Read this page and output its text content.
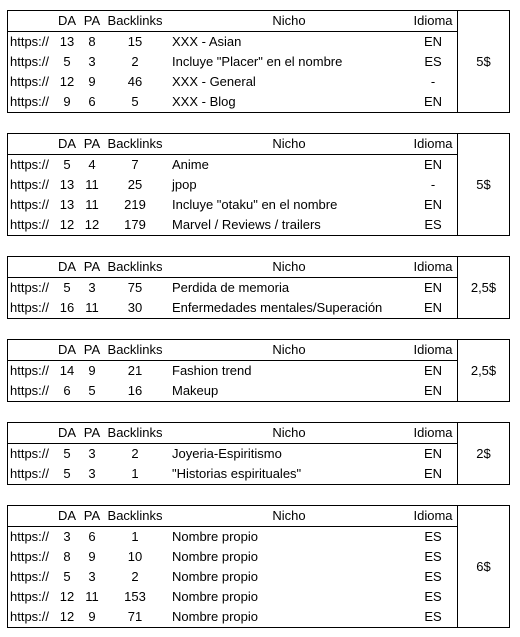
DA PA Backlinks	Nicho	Idioma
https:// 13	8	15	XXX - Asian	EN
https://	5	3	2	Incluye "Placer" en el nombre	ES
https:// 12	9	46	XXX - General	-
https://	9	6	5	XXX - Blog	EN
5$
DA PA Backlinks	Nicho	Idioma
https://	5	4	7	Anime	EN
https:// 13 11	25	jpop	-
https:// 13 11	219	Incluye "otaku" en el nombre	EN
https:// 12 12	179	Marvel / Reviews / trailers	ES
5$
DA PA Backlinks	Nicho	Idioma
https://	5	3	75	Perdida de memoria	EN
https:// 16 11	30	Enfermedades mentales/Superación	EN
2,5$
DA PA Backlinks	Nicho	Idioma
https:// 14	9	21	Fashion trend	EN
https://	6	5	16	Makeup	EN
2,5$
DA PA Backlinks	Nicho	Idioma
https://	5	3	2	Joyeria-Espiritismo	EN
https://	5	3	1	"Historias espirituales"	EN
2$
DA PA Backlinks	Nicho	Idioma
https://	3	6	1	Nombre propio	ES
https://	8	9	10	Nombre propio	ES
https://	5	3	2	Nombre propio	ES
https:// 12 11	153	Nombre propio	ES
https:// 12	9	71	Nombre propio	ES
6$
